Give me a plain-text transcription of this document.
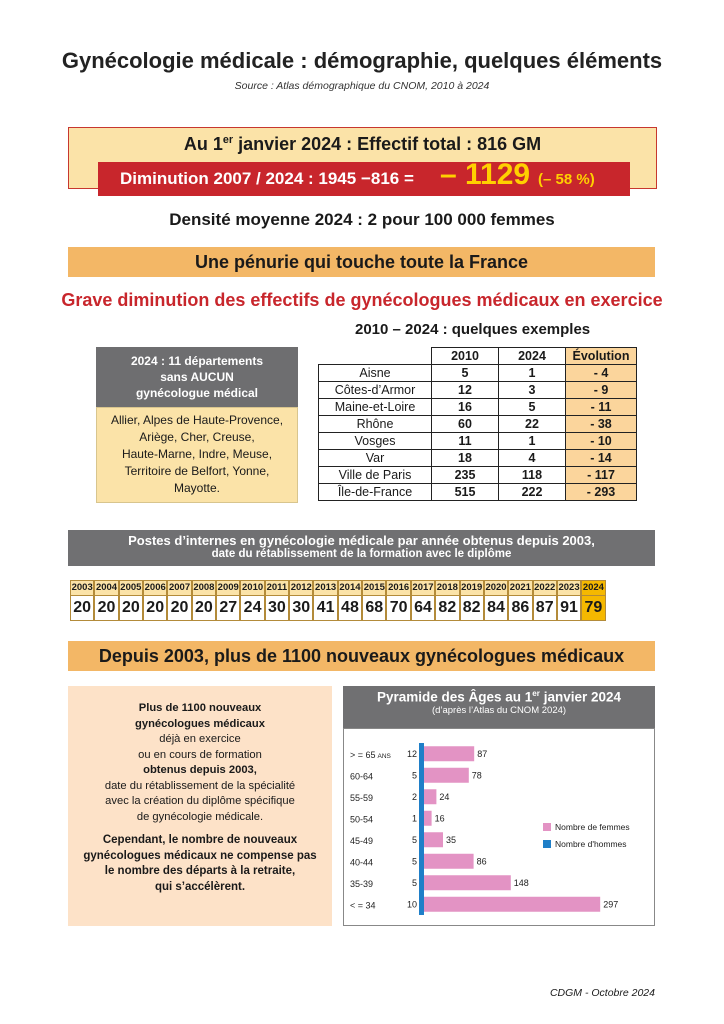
Gynécologie médicale : démographie, quelques éléments
Source : Atlas démographique du CNOM, 2010 à 2024
Au 1er janvier 2024 : Effectif total : 816 GM
Diminution 2007 / 2024 : 1945 −816 = – 1129 (– 58 %)
Densité moyenne 2024 : 2 pour 100 000 femmes
Une pénurie qui touche toute la France
Grave diminution des effectifs de gynécologues médicaux en exercice
2010 – 2024 : quelques exemples
2024 : 11 départements
sans AUCUN
gynécologue médical
Allier, Alpes de Haute-Provence,
Ariège, Cher, Creuse,
Haute-Marne, Indre, Meuse,
Territoire de Belfort, Yonne,
Mayotte.
	2010	2024	Évolution
Aisne	5	1	- 4
Côtes-d’Armor	12	3	- 9
Maine-et-Loire	16	5	- 11
Rhône	60	22	- 38
Vosges	11	1	- 10
Var	18	4	- 14
Ville de Paris	235	118	- 117
Île-de-France	515	222	- 293
Postes d’internes en gynécologie médicale par année obtenus depuis 2003,
date du rétablissement de la formation avec le diplôme
2003
20
2004
20
2005
20
2006
20
2007
20
2008
20
2009
27
2010
24
2011
30
2012
30
2013
41
2014
48
2015
68
2016
70
2017
64
2018
82
2019
82
2020
84
2021
86
2022
87
2023
91
2024
79
Depuis 2003, plus de 1100 nouveaux gynécologues médicaux
Plus de 1100 nouveaux
gynécologues médicaux
déjà en exercice
ou en cours de formation
obtenus depuis 2003,
date du rétablissement de la spécialité
avec la création du diplôme spécifique
de gynécologie médicale.
Cependant, le nombre de nouveaux
gynécologues médicaux ne compense pas
le nombre des départs à la retraite,
qui s’accélèrent.
Pyramide des Âges au 1er janvier 2024
(d’après l’Atlas du CNOM 2024)
> = 65 ANS	87
12
60-64	78
5
55-59	24
2
50-54	16
1
45-49	35
5
40-44	86
5
35-39	148
5
< = 34	297
10
Nombre de femmes
Nombre d'hommes
CDGM - Octobre 2024
